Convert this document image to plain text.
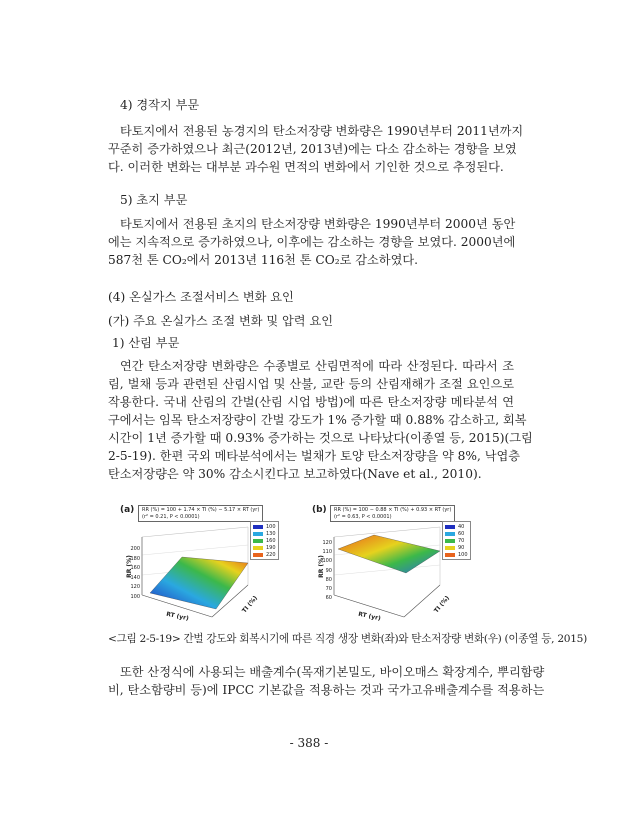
4) 경작지 부문
타토지에서 전용된 농경지의 탄소저장량 변화량은 1990년부터 2011년까지
꾸준히 증가하였으나 최근(2012년, 2013년)에는 다소 감소하는 경향을 보였
다. 이러한 변화는 대부분 과수원 면적의 변화에서 기인한 것으로 추정된다.
5) 초지 부문
타토지에서 전용된 초지의 탄소저장량 변화량은 1990년부터 2000년 동안
에는 지속적으로 증가하였으나, 이후에는 감소하는 경향을 보였다. 2000년에
587천 톤 CO₂에서 2013년 116천 톤 CO₂로 감소하였다.
(4) 온실가스 조절서비스 변화 요인
(가) 주요 온실가스 조절 변화 및 압력 요인
1) 산림 부문
연간 탄소저장량 변화량은 수종별로 산림면적에 따라 산정된다. 따라서 조
림, 벌채 등과 관련된 산림시업 및 산불, 교란 등의 산림재해가 조절 요인으로
작용한다. 국내 산림의 간벌(산림 시업 방법)에 따른 탄소저장량 메타분석 연
구에서는 임목 탄소저장량이 간벌 강도가 1% 증가할 때 0.88% 감소하고, 회복
시간이 1년 증가할 때 0.93% 증가하는 것으로 나타났다(이종열 등, 2015)(그림
2-5-19). 한편 국외 메타분석에서는 벌채가 토양 탄소저장량을 약 8%, 낙엽층
탄소저장량은 약 30% 감소시킨다고 보고하였다(Nave et al., 2010).
(a) RR (%) = 100 + 1.74 × TI (%) − 5.17 × RT (yr)
(r² = 0.21, P < 0.0001)
200
180
160
140
120
100
RR (%)
RT (yr)
TI (%)
100
130
160
190
220
(b) RR (%) = 100 − 0.88 × TI (%) + 0.93 × RT (yr)
(r² = 0.63, P < 0.0001)
120
110
100
90
80
70
60
RR (%)
RT (yr)
TI (%)
40
60
70
90
100
<그림 2-5-19> 간벌 강도와 회복시기에 따른 직경 생장 변화(좌)와 탄소저장량 변화(우) (이종열 등, 2015)
또한 산정식에 사용되는 배출계수(목재기본밀도, 바이오매스 확장계수, 뿌리함량
비, 탄소함량비 등)에 IPCC 기본값을 적용하는 것과 국가고유배출계수를 적용하는
- 388 -
